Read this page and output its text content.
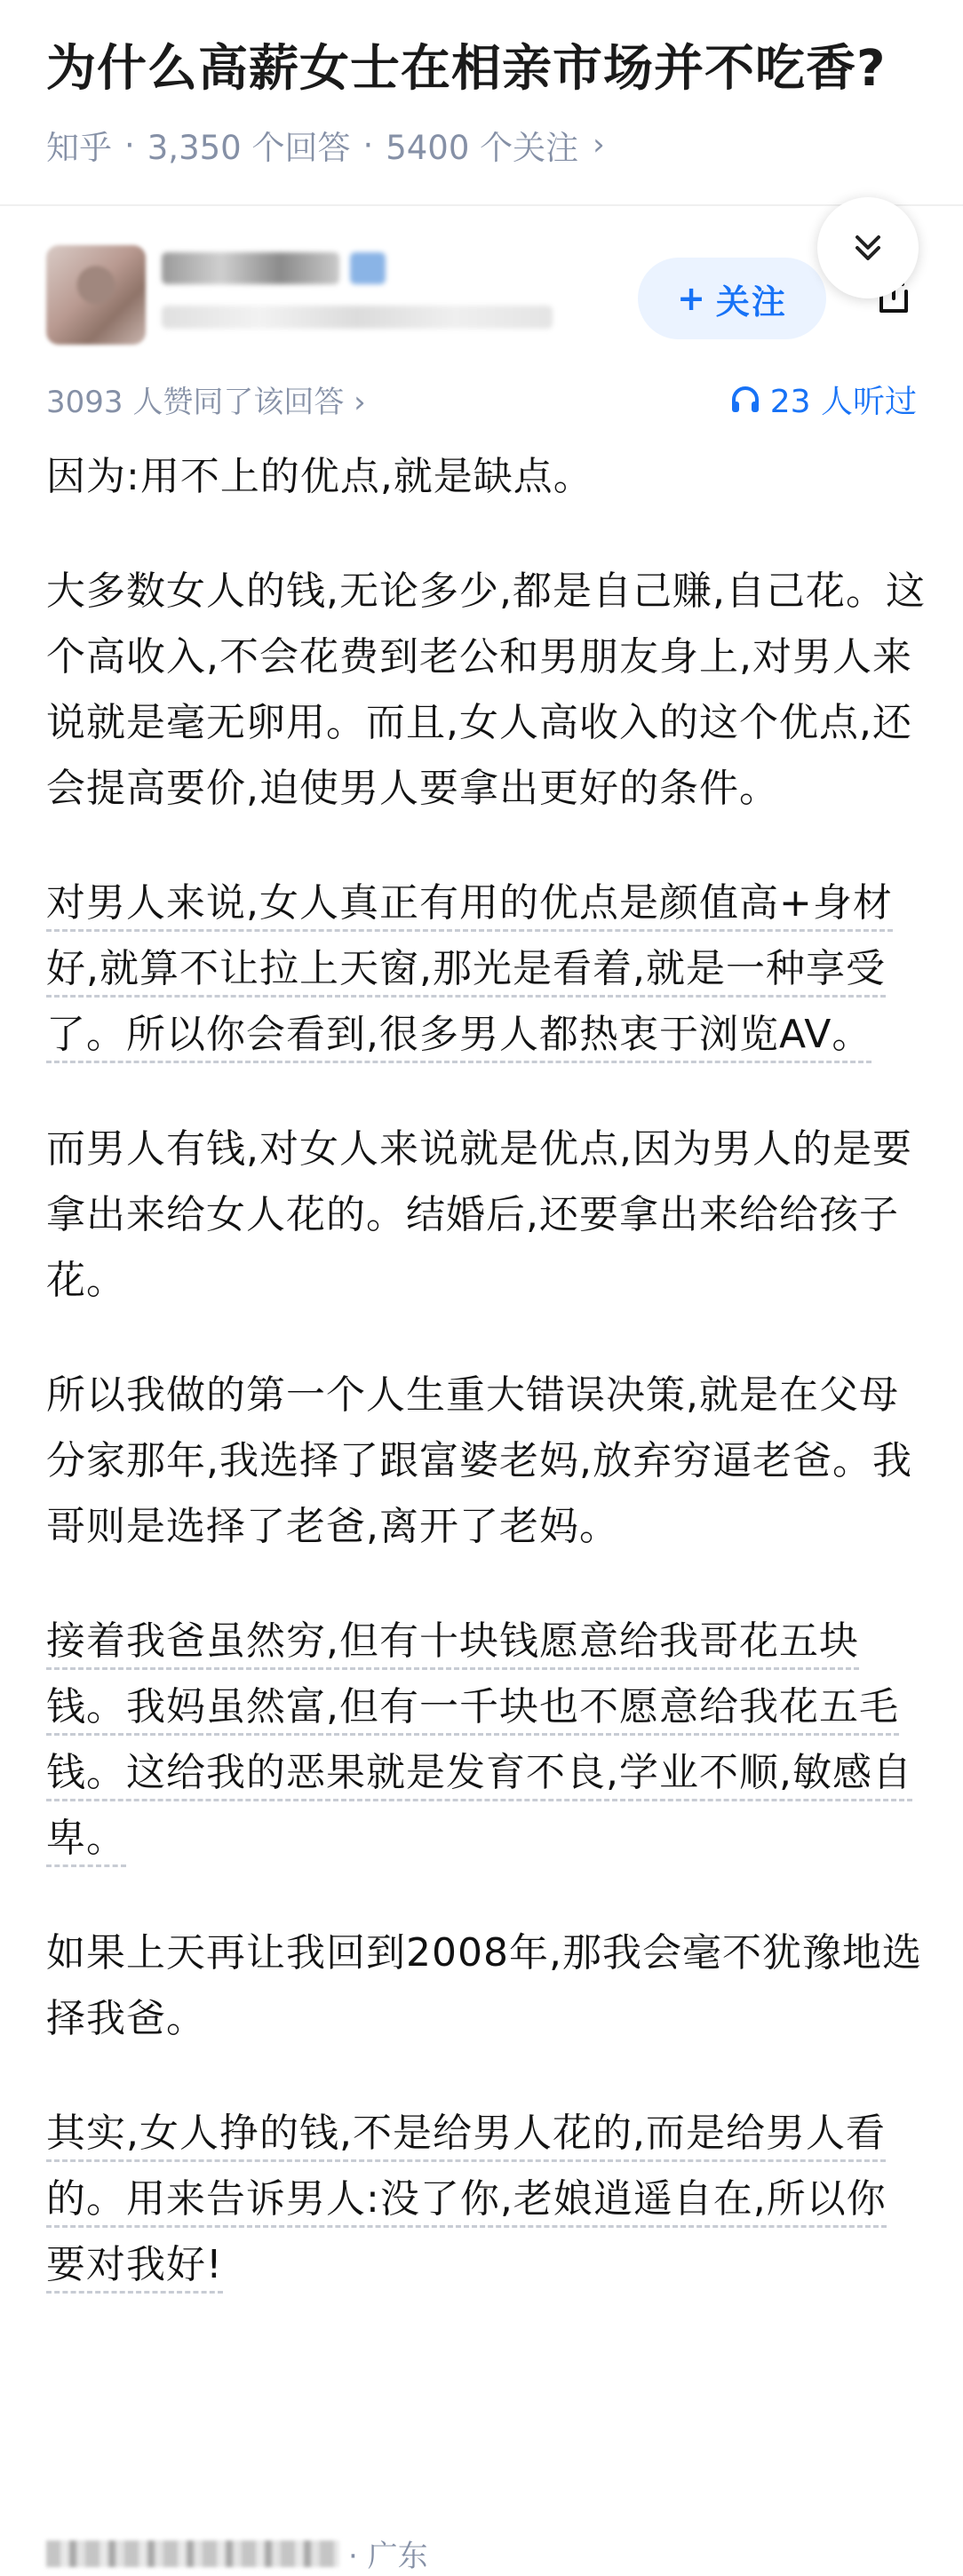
为什么高薪女士在相亲市场并不吃香?
知乎 · 3,350 个回答 · 5400 个关注 ›
+ 关注
3093 人赞同了该回答 ›	23 人听过

因为:用不上的优点,就是缺点。

大多数女人的钱,无论多少,都是自己赚,自己花。这个高收入,不会花费到老公和男朋友身上,对男人来说就是毫无卵用。而且,女人高收入的这个优点,还会提高要价,迫使男人要拿出更好的条件。

对男人来说,女人真正有用的优点是颜值高+身材好,就算不让拉上天窗,那光是看着,就是一种享受了。所以你会看到,很多男人都热衷于浏览AV。

而男人有钱,对女人来说就是优点,因为男人的是要拿出来给女人花的。结婚后,还要拿出来给给孩子花。

所以我做的第一个人生重大错误决策,就是在父母分家那年,我选择了跟富婆老妈,放弃穷逼老爸。我哥则是选择了老爸,离开了老妈。

接着我爸虽然穷,但有十块钱愿意给我哥花五块钱。我妈虽然富,但有一千块也不愿意给我花五毛钱。这给我的恶果就是发育不良,学业不顺,敏感自卑。

如果上天再让我回到2008年,那我会毫不犹豫地选择我爸。

其实,女人挣的钱,不是给男人花的,而是给男人看的。用来告诉男人:没了你,老娘逍遥自在,所以你要对我好!

· 广东
